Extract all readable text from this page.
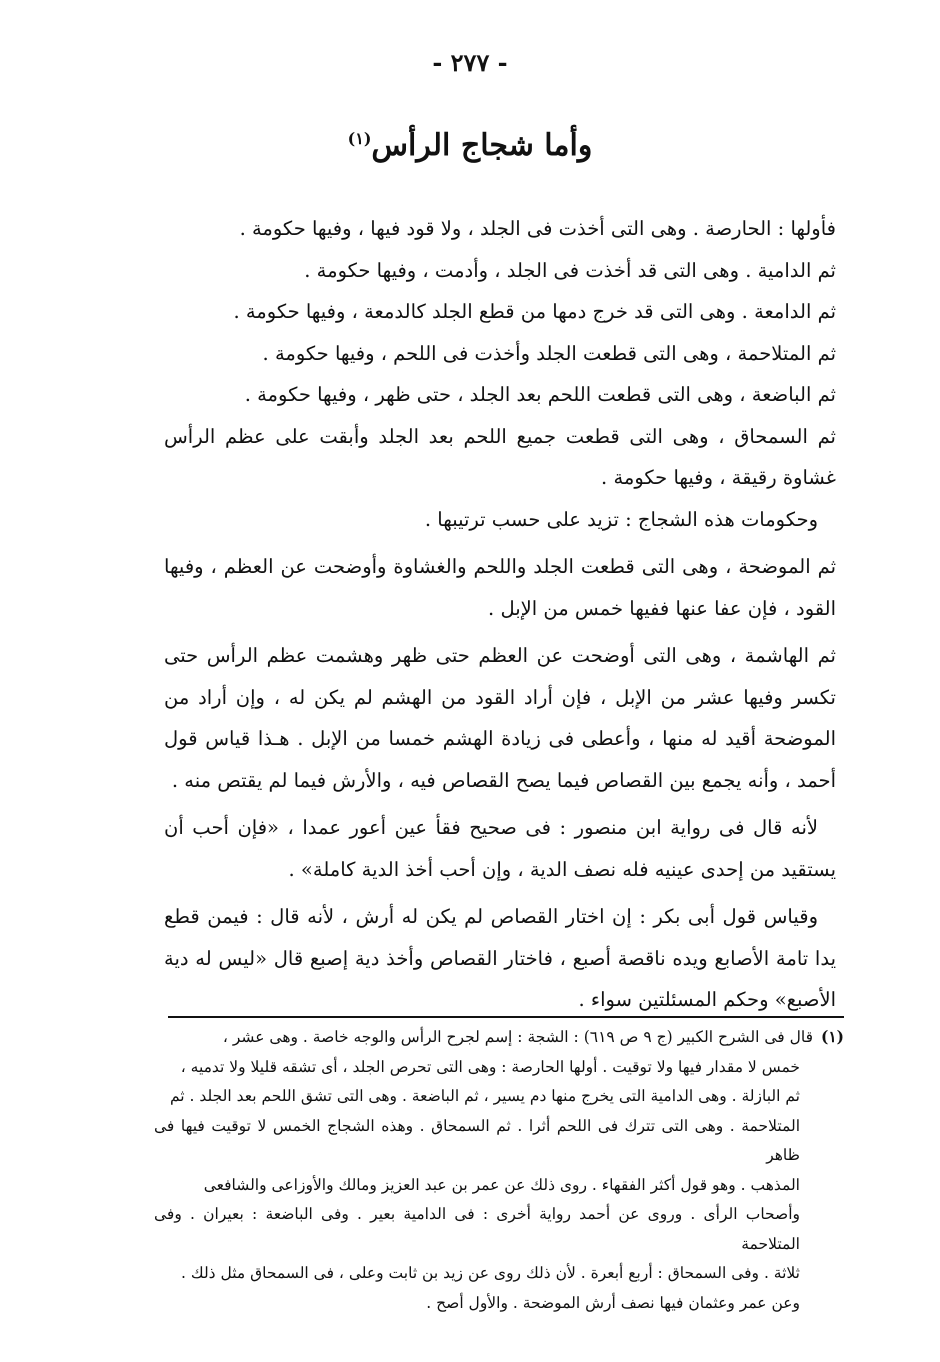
- ٢٧٧ -
وأما شجاج الرأس$^{(١)}$

فأولها : الحارصة . وهى التى أخذت فى الجلد ، ولا قود فيها ، وفيها حكومة .

ثم الدامية . وهى التى قد أخذت فى الجلد ، وأدمت ، وفيها حكومة .

ثم الدامعة . وهى التى قد خرج دمها من قطع الجلد كالدمعة ، وفيها حكومة .

ثم المتلاحمة ، وهى التى قطعت الجلد وأخذت فى اللحم ، وفيها حكومة .

ثم الباضعة ، وهى التى قطعت اللحم بعد الجلد ، حتى ظهر ، وفيها حكومة .

ثم السمحاق ، وهى التى قطعت جميع اللحم بعد الجلد وأبقت على عظم الرأس غشاوة رقيقة ، وفيها حكومة .

وحكومات هذه الشجاج : تزيد على حسب ترتيبها .

ثم الموضحة ، وهى التى قطعت الجلد واللحم والغشاوة وأوضحت عن العظم ، وفيها القود ، فإن عفا عنها ففيها خمس من الإبل .

ثم الهاشمة ، وهى التى أوضحت عن العظم حتى ظهر وهشمت عظم الرأس حتى تكسر وفيها عشر من الإبل ، فإن أراد القود من الهشم لم يكن له ، وإن أراد من الموضحة أقيد له منها ، وأعطى فى زيادة الهشم خمسا من الإبل . هـذا قياس قول أحمد ، وأنه يجمع بين القصاص فيما يصح القصاص فيه ، والأرش فيما لم يقتص منه .

لأنه قال فى رواية ابن منصور : فى صحيح فقأ عين أعور عمدا ، «فإن أحب أن يستقيد من إحدى عينيه فله نصف الدية ، وإن أحب أخذ الدية كاملة» .

وقياس قول أبى بكر : إن اختار القصاص لم يكن له أرش ، لأنه قال : فيمن قطع يدا تامة الأصابع ويده ناقصة أصبع ، فاختار القصاص وأخذ دية إصبع قال «ليس له دية الأصبع» وحكم المسئلتين سواء .

(١)قال فى الشرح الكبير (ج ٩ ص ٦١٩) : الشجة : إسم لجرح الرأس والوجه خاصة . وهى عشر ،

خمس لا مقدار فيها ولا توقيت . أولها الحارصة : وهى التى تحرص الجلد ، أى تشقه قليلا ولا تدميه ،

ثم البازلة . وهى الدامية التى يخرج منها دم يسير ، ثم الباضعة . وهى التى تشق اللحم بعد الجلد . ثم

المتلاحمة . وهى التى تترك فى اللحم أثرا . ثم السمحاق . وهذه الشجاج الخمس لا توقيت فيها فى ظاهر

المذهب . وهو قول أكثر الفقهاء . روى ذلك عن عمر بن عبد العزيز ومالك والأوزاعى والشافعى

وأصحاب الرأى . وروى عن أحمد رواية أخرى : فى الدامية بعير . وفى الباضعة : بعيران . وفى المتلاحمة

ثلاثة . وفى السمحاق : أربع أبعرة . لأن ذلك روى عن زيد بن ثابت وعلى ، فى السمحاق مثل ذلك .

وعن عمر وعثمان فيها نصف أرش الموضحة . والأول أصح .
